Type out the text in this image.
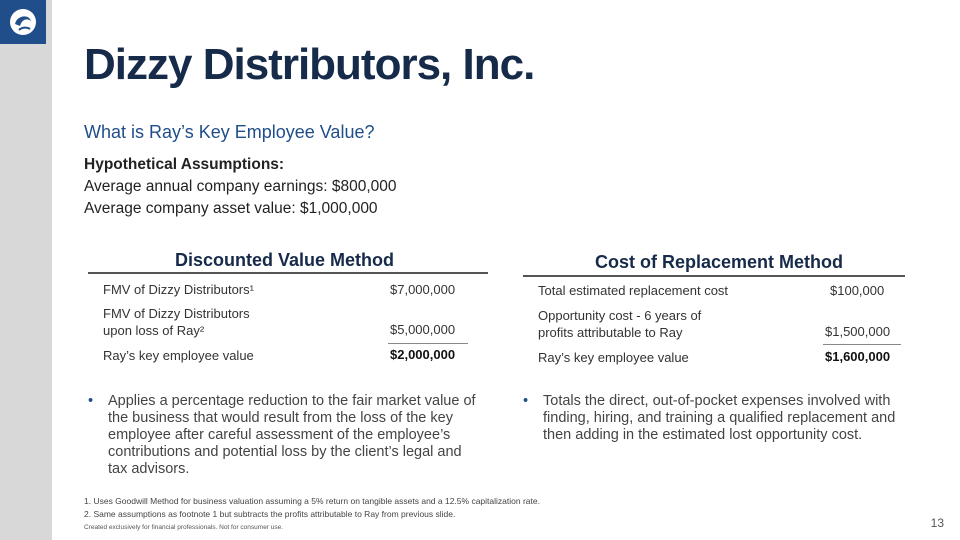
Dizzy Distributors, Inc.
What is Ray’s Key Employee Value?
Hypothetical Assumptions:
Average annual company earnings: $800,000
Average company asset value: $1,000,000
Discounted Value Method
FMV of Dizzy Distributors¹	$7,000,000
FMV of Dizzy Distributors upon loss of Ray²	$5,000,000
Ray’s key employee value	$2,000,000
• Applies a percentage reduction to the fair market value of the business that would result from the loss of the key employee after careful assessment of the employee’s contributions and potential loss by the client’s legal and tax advisors.
Cost of Replacement Method
Total estimated replacement cost	$100,000
Opportunity cost - 6 years of profits attributable to Ray	$1,500,000
Ray’s key employee value	$1,600,000
• Totals the direct, out-of-pocket expenses involved with finding, hiring, and training a qualified replacement and then adding in the estimated lost opportunity cost.
1. Uses Goodwill Method for business valuation assuming a 5% return on tangible assets and a 12.5% capitalization rate.
2. Same assumptions as footnote 1 but subtracts the profits attributable to Ray from previous slide.
Created exclusively for financial professionals. Not for consumer use.	13
